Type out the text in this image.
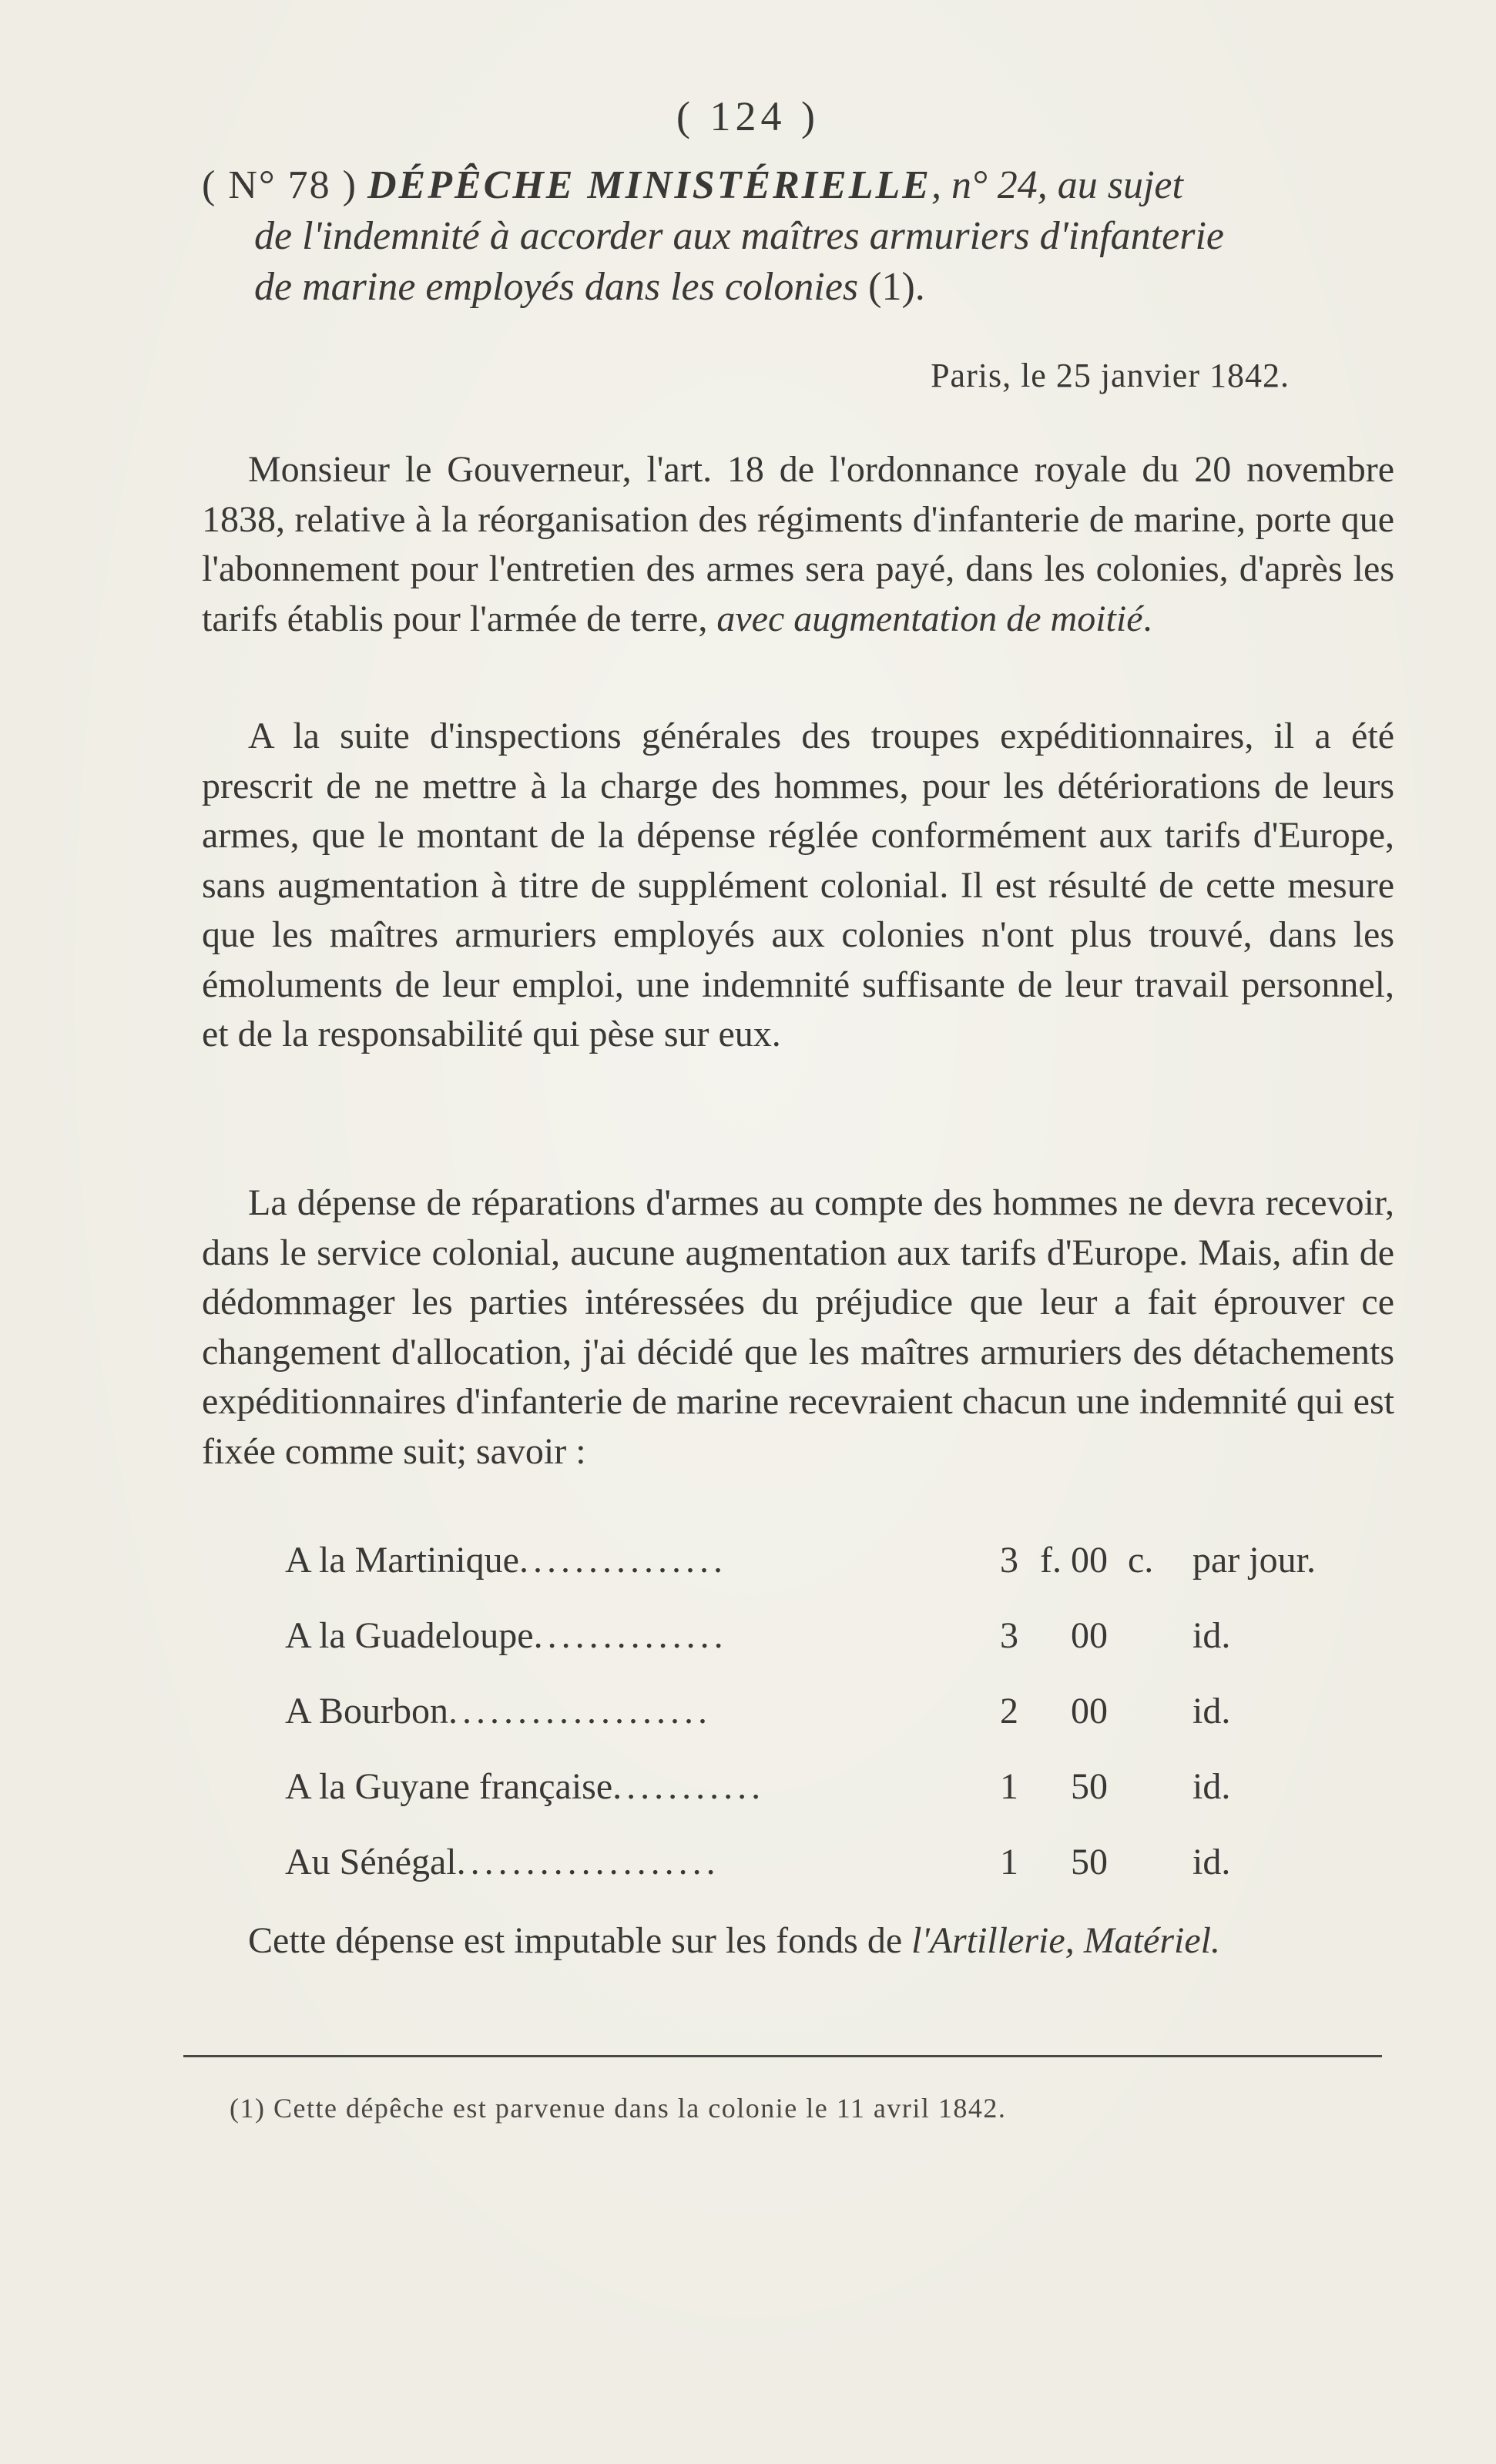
( 124 )
( N° 78 ) DÉPÊCHE MINISTÉRIELLE, n° 24, au sujet
de l'indemnité à accorder aux maîtres armuriers d'infanterie
de marine employés dans les colonies (1).
Paris, le 25 janvier 1842.

Monsieur le Gouverneur, l'art. 18 de l'ordonnance royale du 20 novembre 1838, relative à la réorganisation des régiments d'infanterie de marine, porte que l'abonnement pour l'entretien des armes sera payé, dans les colonies, d'après les tarifs établis pour l'armée de terre, avec augmentation de moitié.

A la suite d'inspections générales des troupes expéditionnaires, il a été prescrit de ne mettre à la charge des hommes, pour les détériorations de leurs armes, que le montant de la dépense réglée conformément aux tarifs d'Europe, sans augmentation à titre de supplément colonial. Il est résulté de cette mesure que les maîtres armuriers employés aux colonies n'ont plus trouvé, dans les émoluments de leur emploi, une indemnité suffisante de leur travail personnel, et de la responsabilité qui pèse sur eux.

La dépense de réparations d'armes au compte des hommes ne devra recevoir, dans le service colonial, aucune augmentation aux tarifs d'Europe. Mais, afin de dédommager les parties intéressées du préjudice que leur a fait éprouver ce changement d'allocation, j'ai décidé que les maîtres armuriers des détachements expéditionnaires d'infanterie de marine recevraient chacun une indemnité qui est fixée comme suit; savoir :

A la Martinique...............	3 f. 00 c. par jour.
A la Guadeloupe..............	3	00	id.
A Bourbon...................	2	00	id.
A la Guyane française...........	1	50	id.
Au Sénégal...................	1	50	id.

Cette dépense est imputable sur les fonds de l'Artillerie, Matériel.

(1) Cette dépêche est parvenue dans la colonie le 11 avril 1842.
